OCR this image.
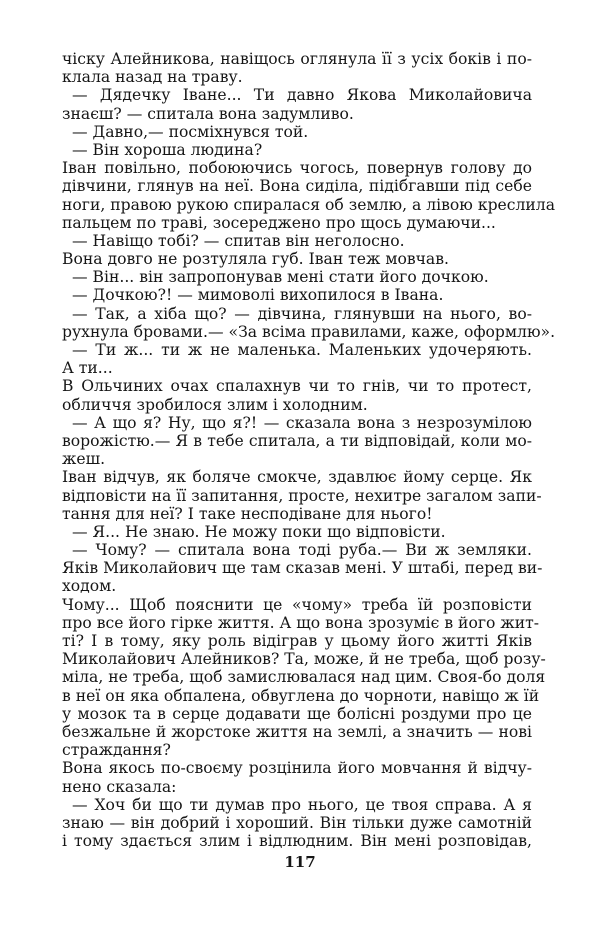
чіску Алейникова, навіщось оглянула її з усіх боків і по-
клала назад на траву.
— Дядечку Іване... Ти давно Якова Миколайовича
знаєш? — спитала вона задумливо.
— Давно,— посміхнувся той.
— Він хороша людина?
Іван повільно, побоюючись чогось, повернув голову до
дівчини, глянув на неї. Вона сиділа, підібгавши під себе
ноги, правою рукою спиралася об землю, а лівою креслила
пальцем по траві, зосереджено про щось думаючи...
— Навіщо тобі? — спитав він неголосно.
Вона довго не розтуляла губ. Іван теж мовчав.
— Він... він запропонував мені стати його дочкою.
— Дочкою?! — мимоволі вихопилося в Івана.
— Так, а хіба що? — дівчина, глянувши на нього, во-
рухнула бровами.— «За всіма правилами, каже, оформлю».
— Ти ж... ти ж не маленька. Маленьких удочеряють.
А ти...
В Ольчиних очах спалахнув чи то гнів, чи то протест,
обличчя зробилося злим і холодним.
— А що я? Ну, що я?! — сказала вона з незрозумілою
ворожістю.— Я в тебе спитала, а ти відповідай, коли мо-
жеш.
Іван відчув, як боляче смокче, здавлює йому серце. Як
відповісти на її запитання, просте, нехитре загалом запи-
тання для неї? І таке несподіване для нього!
— Я... Не знаю. Не можу поки що відповісти.
— Чому? — спитала вона тоді руба.— Ви ж земляки.
Яків Миколайович ще там сказав мені. У штабі, перед ви-
ходом.
Чому... Щоб пояснити це «чому» треба їй розповісти
про все його гірке життя. А що вона зрозуміє в його жит-
ті? І в тому, яку роль відіграв у цьому його житті Яків
Миколайович Алейников? Та, може, й не треба, щоб розу-
міла, не треба, щоб замислювалася над цим. Своя-бо доля
в неї он яка обпалена, обвуглена до чорноти, навіщо ж їй
у мозок та в серце додавати ще болісні роздуми про це
безжальне й жорстоке життя на землі, а значить — нові
страждання?
Вона якось по-своєму розцінила його мовчання й відчу-
нено сказала:
— Хоч би що ти думав про нього, це твоя справа. А я
знаю — він добрий і хороший. Він тільки дуже самотній
і тому здається злим і відлюдним. Він мені розповідав,
117
